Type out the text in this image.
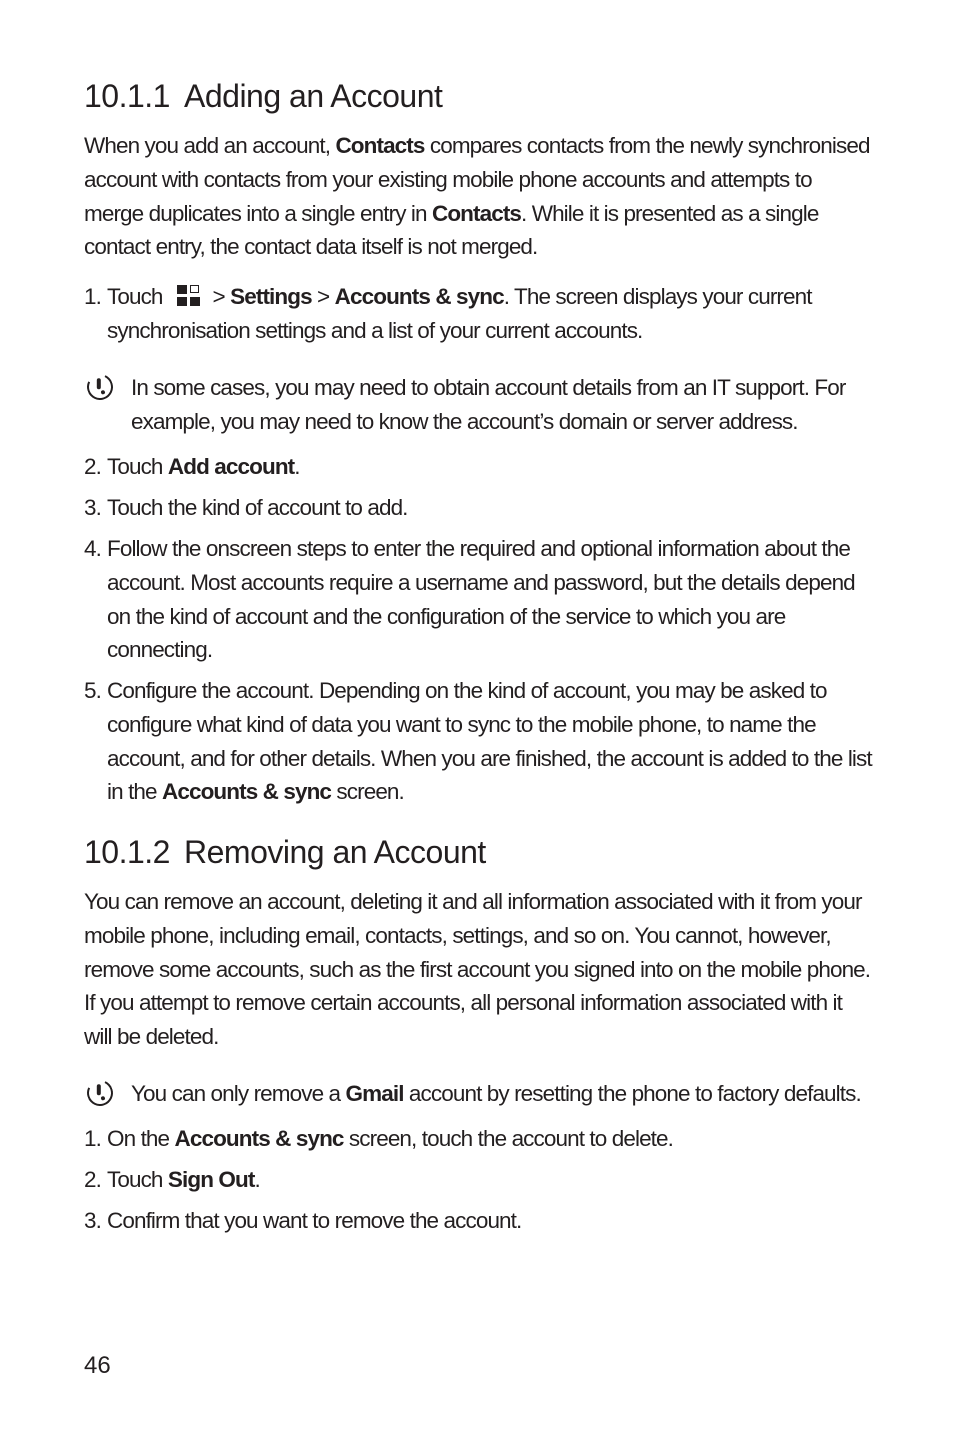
10.1.1 Adding an Account

When you add an account, Contacts compares contacts from the newly synchronised account with contacts from your existing mobile phone accounts and attempts to merge duplicates into a single entry in Contacts. While it is presented as a single contact entry, the contact data itself is not merged.

1. Touch > Settings > Accounts & sync. The screen displays your current synchronisation settings and a list of your current accounts.
In some cases, you may need to obtain account details from an IT support. For example, you may need to know the account’s domain or server address.
2. Touch Add account.
3. Touch the kind of account to add.
4. Follow the onscreen steps to enter the required and optional information about the account. Most accounts require a username and password, but the details depend on the kind of account and the configuration of the service to which you are connecting.
5. Configure the account. Depending on the kind of account, you may be asked to configure what kind of data you want to sync to the mobile phone, to name the account, and for other details. When you are finished, the account is added to the list in the Accounts & sync screen.
10.1.2 Removing an Account

You can remove an account, deleting it and all information associated with it from your mobile phone, including email, contacts, settings, and so on. You cannot, however, remove some accounts, such as the first account you signed into on the mobile phone. If you attempt to remove certain accounts, all personal information associated with it will be deleted.

You can only remove a Gmail account by resetting the phone to factory defaults.
1. On the Accounts & sync screen, touch the account to delete.
2. Touch Sign Out.
3. Confirm that you want to remove the account.
46
